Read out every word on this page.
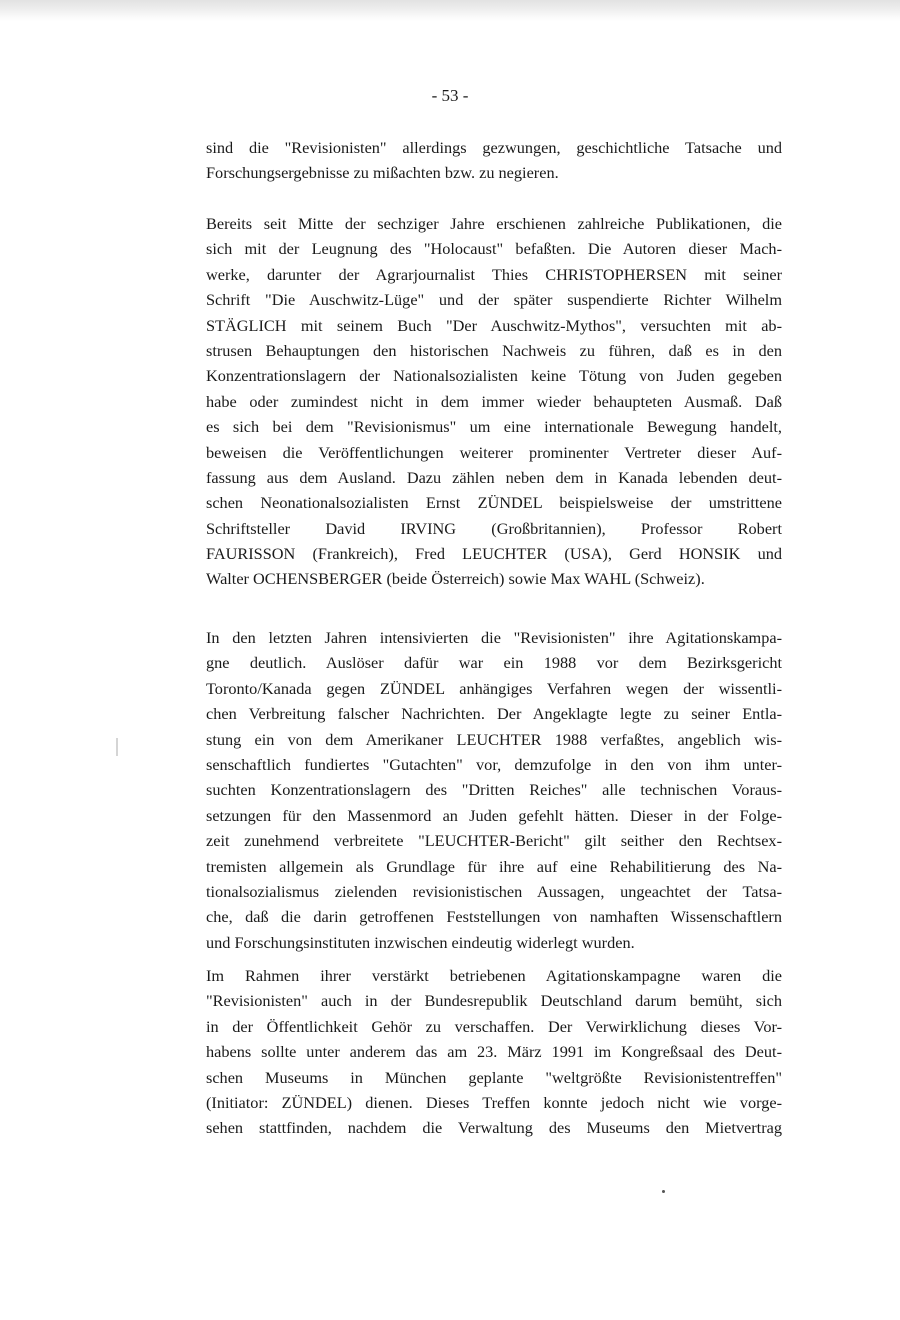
- 53 -
sind die "Revisionisten" allerdings gezwungen, geschichtliche Tatsache und
Forschungsergebnisse zu mißachten bzw. zu negieren.
Bereits seit Mitte der sechziger Jahre erschienen zahlreiche Publikationen, die
sich mit der Leugnung des "Holocaust" befaßten. Die Autoren dieser Mach-
werke, darunter der Agrarjournalist Thies CHRISTOPHERSEN mit seiner
Schrift "Die Auschwitz-Lüge" und der später suspendierte Richter Wilhelm
STÄGLICH mit seinem Buch "Der Auschwitz-Mythos", versuchten mit ab-
strusen Behauptungen den historischen Nachweis zu führen, daß es in den
Konzentrationslagern der Nationalsozialisten keine Tötung von Juden gegeben
habe oder zumindest nicht in dem immer wieder behaupteten Ausmaß. Daß
es sich bei dem "Revisionismus" um eine internationale Bewegung handelt,
beweisen die Veröffentlichungen weiterer prominenter Vertreter dieser Auf-
fassung aus dem Ausland. Dazu zählen neben dem in Kanada lebenden deut-
schen Neonationalsozialisten Ernst ZÜNDEL beispielsweise der umstrittene
Schriftsteller David IRVING (Großbritannien), Professor Robert
FAURISSON (Frankreich), Fred LEUCHTER (USA), Gerd HONSIK und
Walter OCHENSBERGER (beide Österreich) sowie Max WAHL (Schweiz).
In den letzten Jahren intensivierten die "Revisionisten" ihre Agitationskampa-
gne deutlich. Auslöser dafür war ein 1988 vor dem Bezirksgericht
Toronto/Kanada gegen ZÜNDEL anhängiges Verfahren wegen der wissentli-
chen Verbreitung falscher Nachrichten. Der Angeklagte legte zu seiner Entla-
stung ein von dem Amerikaner LEUCHTER 1988 verfaßtes, angeblich wis-
senschaftlich fundiertes "Gutachten" vor, demzufolge in den von ihm unter-
suchten Konzentrationslagern des "Dritten Reiches" alle technischen Voraus-
setzungen für den Massenmord an Juden gefehlt hätten. Dieser in der Folge-
zeit zunehmend verbreitete "LEUCHTER-Bericht" gilt seither den Rechtsex-
tremisten allgemein als Grundlage für ihre auf eine Rehabilitierung des Na-
tionalsozialismus zielenden revisionistischen Aussagen, ungeachtet der Tatsa-
che, daß die darin getroffenen Feststellungen von namhaften Wissenschaftlern
und Forschungsinstituten inzwischen eindeutig widerlegt wurden.
Im Rahmen ihrer verstärkt betriebenen Agitationskampagne waren die
"Revisionisten" auch in der Bundesrepublik Deutschland darum bemüht, sich
in der Öffentlichkeit Gehör zu verschaffen. Der Verwirklichung dieses Vor-
habens sollte unter anderem das am 23. März 1991 im Kongreßsaal des Deut-
schen Museums in München geplante "weltgrößte Revisionistentreffen"
(Initiator: ZÜNDEL) dienen. Dieses Treffen konnte jedoch nicht wie vorge-
sehen stattfinden, nachdem die Verwaltung des Museums den Mietvertrag
